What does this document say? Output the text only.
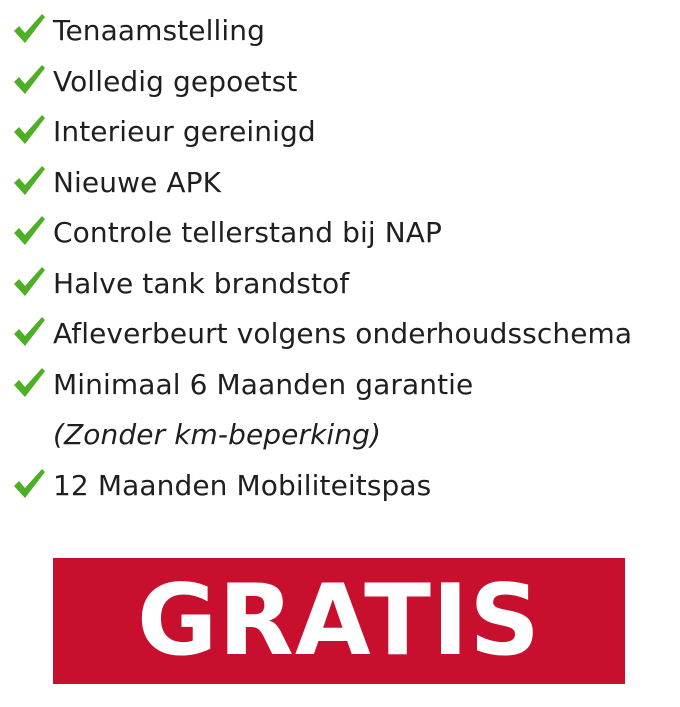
Tenaamstelling
Volledig gepoetst
Interieur gereinigd
Nieuwe APK
Controle tellerstand bij NAP
Halve tank brandstof
Afleverbeurt volgens onderhoudsschema
Minimaal 6 Maanden garantie
(Zonder km-beperking)
12 Maanden Mobiliteitspas
GRATIS
